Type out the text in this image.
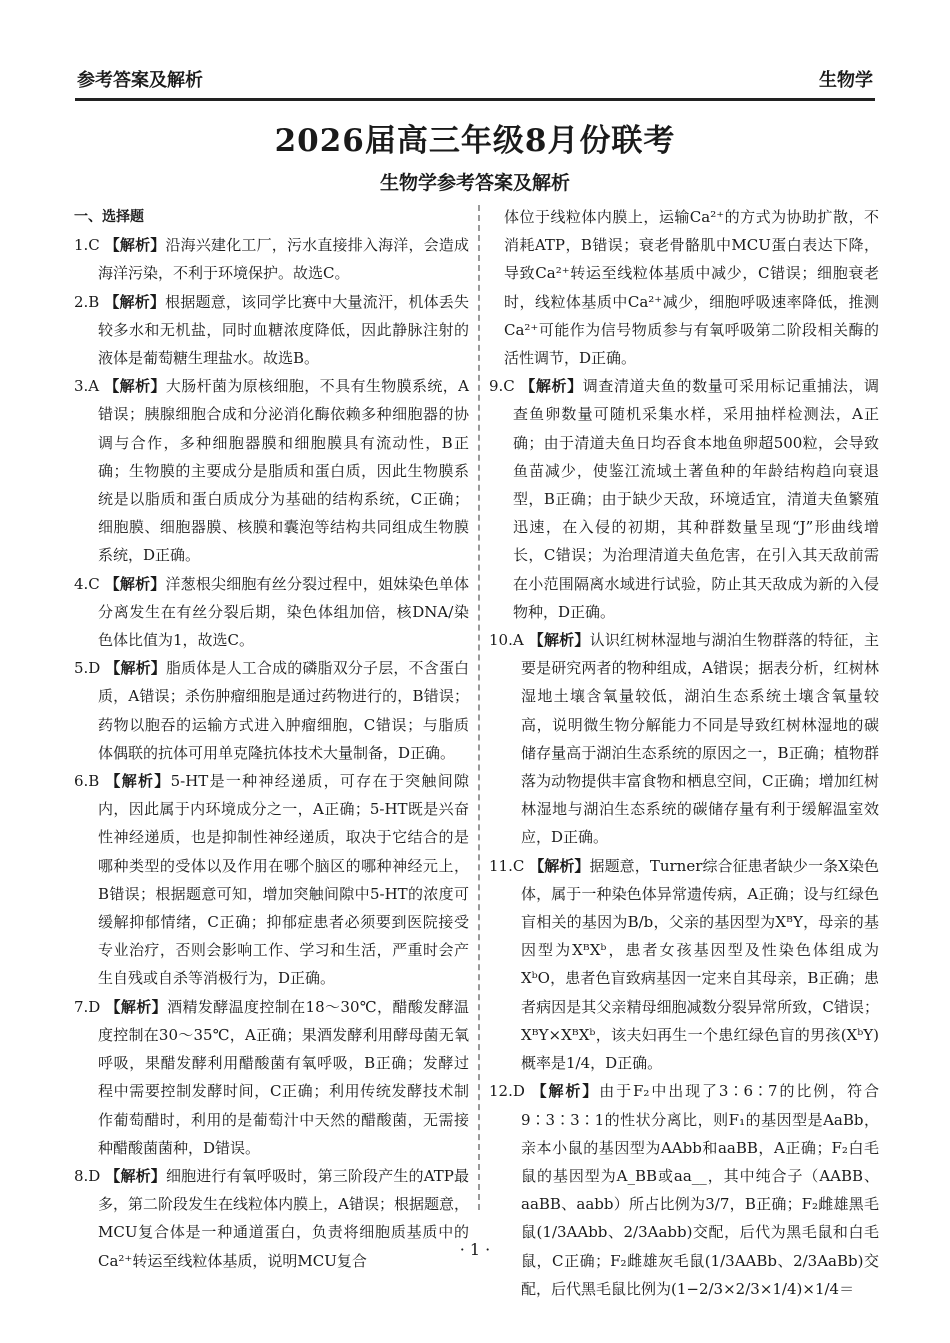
参考答案及解析	生物学
2026届高三年级8月份联考
生物学参考答案及解析
一、选择题

1.C 【解析】沿海兴建化工厂，污水直接排入海洋，会造成海洋污染，不利于环境保护。故选C。

2.B 【解析】根据题意，该同学比赛中大量流汗，机体丢失较多水和无机盐，同时血糖浓度降低，因此静脉注射的液体是葡萄糖生理盐水。故选B。

3.A 【解析】大肠杆菌为原核细胞，不具有生物膜系统，A错误；胰腺细胞合成和分泌消化酶依赖多种细胞器的协调与合作，多种细胞器膜和细胞膜具有流动性，B正确；生物膜的主要成分是脂质和蛋白质，因此生物膜系统是以脂质和蛋白质成分为基础的结构系统，C正确；细胞膜、细胞器膜、核膜和囊泡等结构共同组成生物膜系统，D正确。

4.C 【解析】洋葱根尖细胞有丝分裂过程中，姐妹染色单体分离发生在有丝分裂后期，染色体组加倍，核DNA/染色体比值为1，故选C。

5.D 【解析】脂质体是人工合成的磷脂双分子层，不含蛋白质，A错误；杀伤肿瘤细胞是通过药物进行的，B错误；药物以胞吞的运输方式进入肿瘤细胞，C错误；与脂质体偶联的抗体可用单克隆抗体技术大量制备，D正确。

6.B 【解析】5-HT是一种神经递质，可存在于突触间隙内，因此属于内环境成分之一，A正确；5-HT既是兴奋性神经递质，也是抑制性神经递质，取决于它结合的是哪种类型的受体以及作用在哪个脑区的哪种神经元上，B错误；根据题意可知，增加突触间隙中5-HT的浓度可缓解抑郁情绪，C正确；抑郁症患者必须要到医院接受专业治疗，否则会影响工作、学习和生活，严重时会产生自残或自杀等消极行为，D正确。

7.D 【解析】酒精发酵温度控制在18～30℃，醋酸发酵温度控制在30～35℃，A正确；果酒发酵利用酵母菌无氧呼吸，果醋发酵利用醋酸菌有氧呼吸，B正确；发酵过程中需要控制发酵时间，C正确；利用传统发酵技术制作葡萄醋时，利用的是葡萄汁中天然的醋酸菌，无需接种醋酸菌菌种，D错误。

8.D 【解析】细胞进行有氧呼吸时，第三阶段产生的ATP最多，第二阶段发生在线粒体内膜上，A错误；根据题意，MCU复合体是一种通道蛋白，负责将细胞质基质中的Ca²⁺转运至线粒体基质，说明MCU复合

体位于线粒体内膜上，运输Ca²⁺的方式为协助扩散，不消耗ATP，B错误；衰老骨骼肌中MCU蛋白表达下降，导致Ca²⁺转运至线粒体基质中减少，C错误；细胞衰老时，线粒体基质中Ca²⁺减少，细胞呼吸速率降低，推测Ca²⁺可能作为信号物质参与有氧呼吸第二阶段相关酶的活性调节，D正确。

9.C 【解析】调查清道夫鱼的数量可采用标记重捕法，调查鱼卵数量可随机采集水样，采用抽样检测法，A正确；由于清道夫鱼日均吞食本地鱼卵超500粒，会导致鱼苗减少，使鉴江流域土著鱼种的年龄结构趋向衰退型，B正确；由于缺少天敌，环境适宜，清道夫鱼繁殖迅速，在入侵的初期，其种群数量呈现“J”形曲线增长，C错误；为治理清道夫鱼危害，在引入其天敌前需在小范围隔离水域进行试验，防止其天敌成为新的入侵物种，D正确。

10.A 【解析】认识红树林湿地与湖泊生物群落的特征，主要是研究两者的物种组成，A错误；据表分析，红树林湿地土壤含氧量较低，湖泊生态系统土壤含氧量较高，说明微生物分解能力不同是导致红树林湿地的碳储存量高于湖泊生态系统的原因之一，B正确；植物群落为动物提供丰富食物和栖息空间，C正确；增加红树林湿地与湖泊生态系统的碳储存量有利于缓解温室效应，D正确。

11.C 【解析】据题意，Turner综合征患者缺少一条X染色体，属于一种染色体异常遗传病，A正确；设与红绿色盲相关的基因为B/b，父亲的基因型为XᴮY，母亲的基因型为XᴮXᵇ，患者女孩基因型及性染色体组成为XᵇO，患者色盲致病基因一定来自其母亲，B正确；患者病因是其父亲精母细胞减数分裂异常所致，C错误；XᴮY×XᴮXᵇ，该夫妇再生一个患红绿色盲的男孩(XᵇY)概率是1/4，D正确。

12.D 【解析】由于F₂中出现了3∶6∶7的比例，符合9∶3∶3∶1的性状分离比，则F₁的基因型是AaBb，亲本小鼠的基因型为AAbb和aaBB，A正确；F₂白毛鼠的基因型为A_BB或aa__，其中纯合子（AABB、aaBB、aabb）所占比例为3/7，B正确；F₂雌雄黑毛鼠(1/3AAbb、2/3Aabb)交配，后代为黑毛鼠和白毛鼠，C正确；F₂雌雄灰毛鼠(1/3AABb、2/3AaBb)交配，后代黑毛鼠比例为(1−2/3×2/3×1/4)×1/4＝

· 1 ·
